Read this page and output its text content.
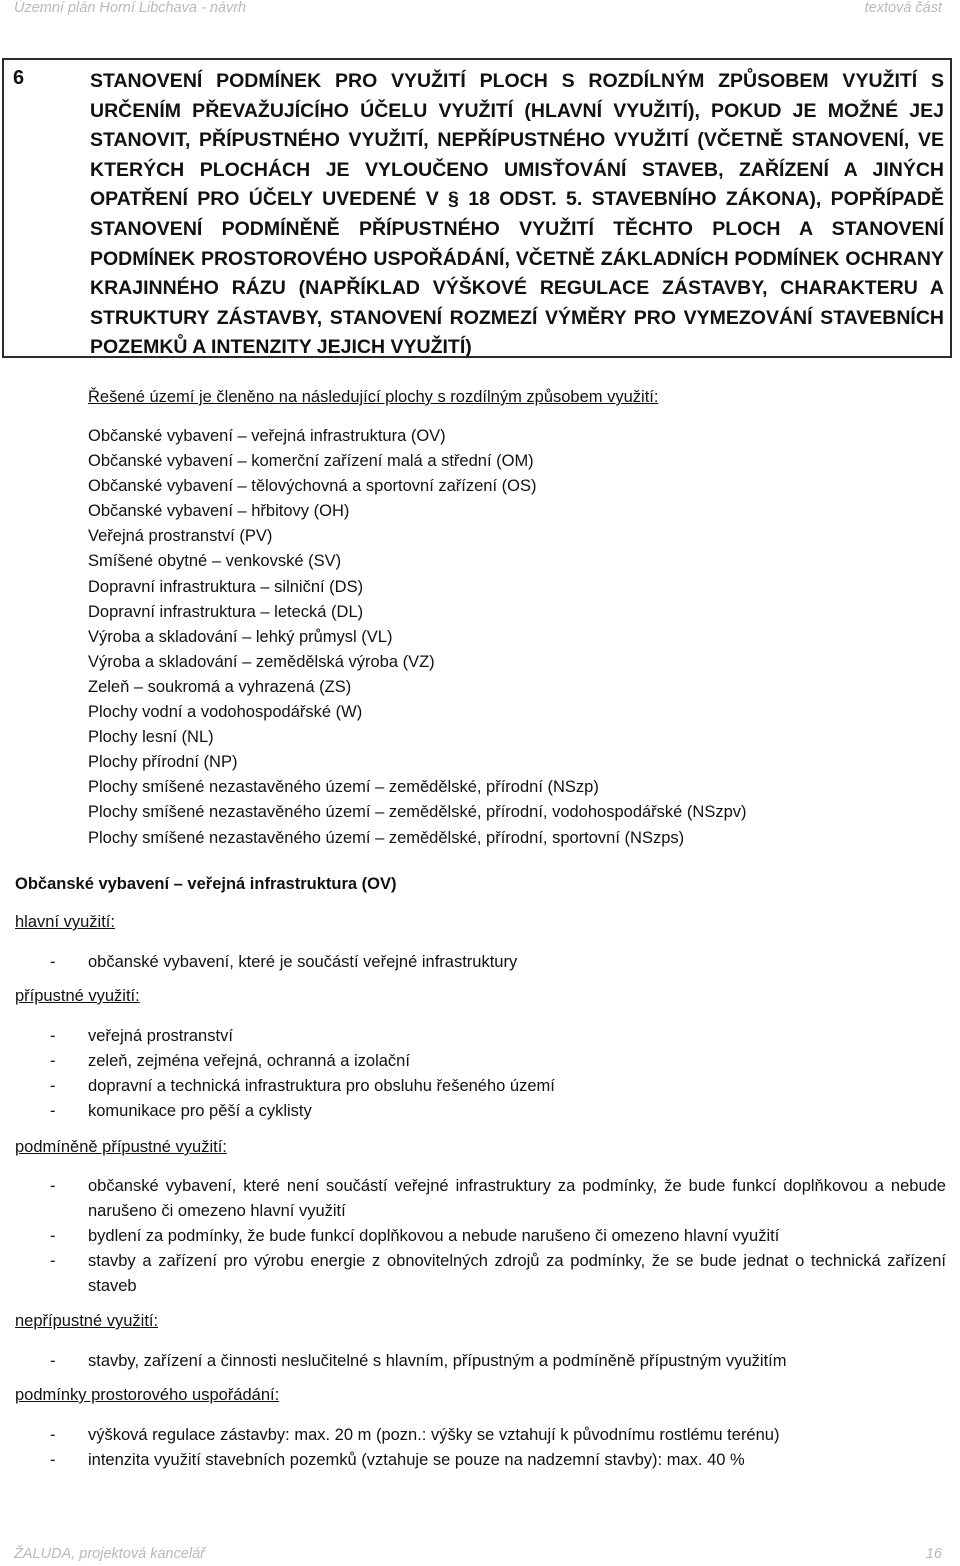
Územní plán Horní Libchava - návrh	textová část
6	STANOVENÍ PODMÍNEK PRO VYUŽITÍ PLOCH S ROZDÍLNÝM ZPŮSOBEM VYUŽITÍ S URČENÍM PŘEVAŽUJÍCÍHO ÚČELU VYUŽITÍ (HLAVNÍ VYUŽITÍ), POKUD JE MOŽNÉ JEJ STANOVIT, PŘÍPUSTNÉHO VYUŽITÍ, NEPŘÍPUSTNÉHO VYUŽITÍ (VČETNĚ STANOVENÍ, VE KTERÝCH PLOCHÁCH JE VYLOUČENO UMISŤOVÁNÍ STAVEB, ZAŘÍZENÍ A JINÝCH OPATŘENÍ PRO ÚČELY UVEDENÉ V § 18 ODST. 5. STAVEBNÍHO ZÁKONA), POPŘÍPADĚ STANOVENÍ PODMÍNĚNĚ PŘÍPUSTNÉHO VYUŽITÍ TĚCHTO PLOCH A STANOVENÍ PODMÍNEK PROSTOROVÉHO USPOŘÁDÁNÍ, VČETNĚ ZÁKLADNÍCH PODMÍNEK OCHRANY KRAJINNÉHO RÁZU (NAPŘÍKLAD VÝŠKOVÉ REGULACE ZÁSTAVBY, CHARAKTERU A STRUKTURY ZÁSTAVBY, STANOVENÍ ROZMEZÍ VÝMĚRY PRO VYMEZOVÁNÍ STAVEBNÍCH POZEMKŮ A INTENZITY JEJICH VYUŽITÍ)
Řešené území je členěno na následující plochy s rozdílným způsobem využití:
Občanské vybavení – veřejná infrastruktura (OV)
Občanské vybavení – komerční zařízení malá a střední (OM)
Občanské vybavení – tělovýchovná a sportovní zařízení (OS)
Občanské vybavení – hřbitovy (OH)
Veřejná prostranství (PV)
Smíšené obytné – venkovské (SV)
Dopravní infrastruktura – silniční (DS)
Dopravní infrastruktura – letecká (DL)
Výroba a skladování – lehký průmysl (VL)
Výroba a skladování – zemědělská výroba (VZ)
Zeleň – soukromá a vyhrazená (ZS)
Plochy vodní a vodohospodářské (W)
Plochy lesní (NL)
Plochy přírodní (NP)
Plochy smíšené nezastavěného území – zemědělské, přírodní (NSzp)
Plochy smíšené nezastavěného území – zemědělské, přírodní, vodohospodářské (NSzpv)
Plochy smíšené nezastavěného území – zemědělské, přírodní, sportovní (NSzps)
Občanské vybavení – veřejná infrastruktura (OV)
hlavní využití:
- občanské vybavení, které je součástí veřejné infrastruktury
přípustné využití:
- veřejná prostranství
- zeleň, zejména veřejná, ochranná a izolační
- dopravní a technická infrastruktura pro obsluhu řešeného území
- komunikace pro pěší a cyklisty
podmíněně přípustné využití:
- občanské vybavení, které není součástí veřejné infrastruktury za podmínky, že bude funkcí doplňkovou a nebude narušeno či omezeno hlavní využití
- bydlení za podmínky, že bude funkcí doplňkovou a nebude narušeno či omezeno hlavní využití
- stavby a zařízení pro výrobu energie z obnovitelných zdrojů za podmínky, že se bude jednat o technická zařízení staveb
nepřípustné využití:
- stavby, zařízení a činnosti neslučitelné s hlavním, přípustným a podmíněně přípustným využitím
podmínky prostorového uspořádání:
- výšková regulace zástavby: max. 20 m (pozn.: výšky se vztahují k původnímu rostlému terénu)
- intenzita využití stavebních pozemků (vztahuje se pouze na nadzemní stavby): max. 40 %
ŽALUDA, projektová kancelář	16
